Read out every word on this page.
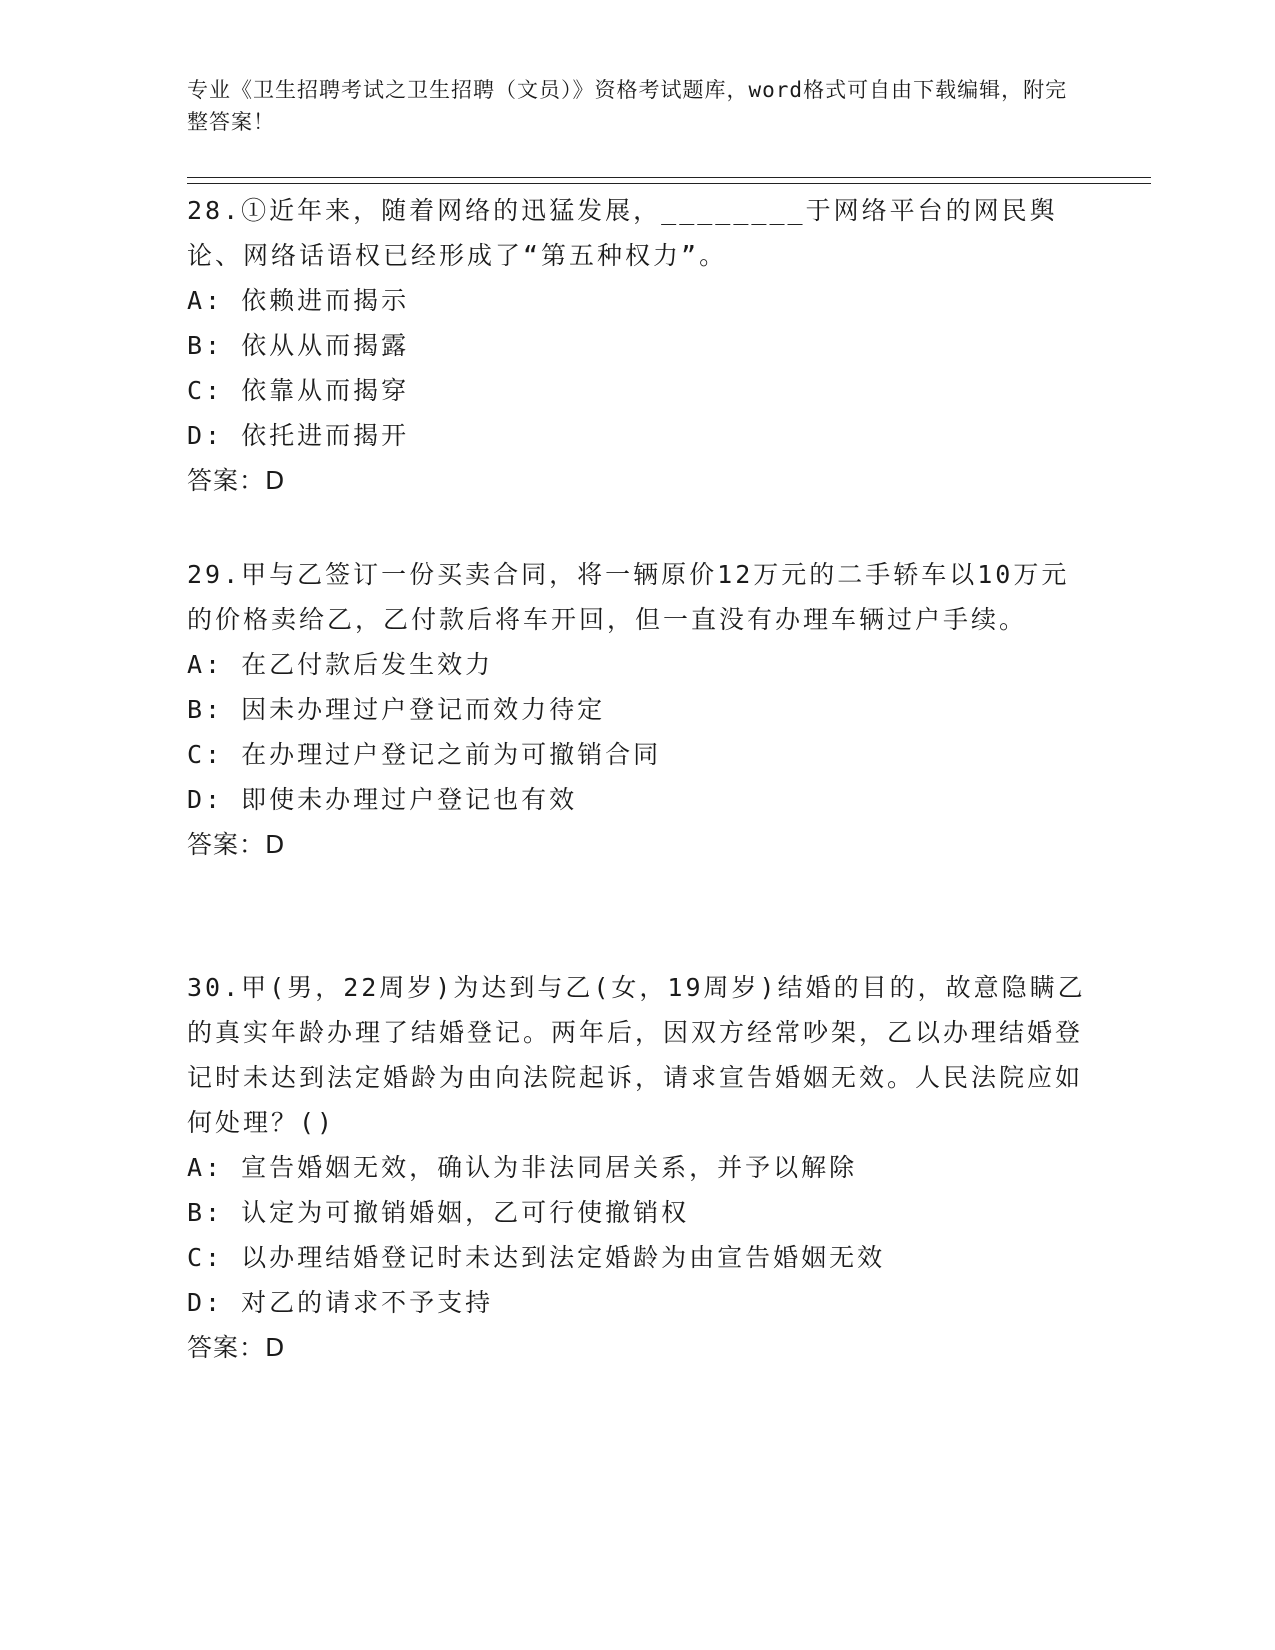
专业《卫生招聘考试之卫生招聘（文员）》资格考试题库，word格式可自由下载编辑，附完整答案！

28.①近年来，随着网络的迅猛发展，________于网络平台的网民舆论、网络话语权已经形成了“第五种权力”。

A: 依赖进而揭示
B: 依从从而揭露
C: 依靠从而揭穿
D: 依托进而揭开
答案：D

29.甲与乙签订一份买卖合同，将一辆原价12万元的二手轿车以10万元的价格卖给乙，乙付款后将车开回，但一直没有办理车辆过户手续。

A: 在乙付款后发生效力
B: 因未办理过户登记而效力待定
C: 在办理过户登记之前为可撤销合同
D: 即使未办理过户登记也有效
答案：D

30.甲(男，22周岁)为达到与乙(女，19周岁)结婚的目的，故意隐瞒乙的真实年龄办理了结婚登记。两年后，因双方经常吵架，乙以办理结婚登记时未达到法定婚龄为由向法院起诉，请求宣告婚姻无效。人民法院应如何处理？()

A: 宣告婚姻无效，确认为非法同居关系，并予以解除
B: 认定为可撤销婚姻，乙可行使撤销权
C: 以办理结婚登记时未达到法定婚龄为由宣告婚姻无效
D: 对乙的请求不予支持
答案：D
